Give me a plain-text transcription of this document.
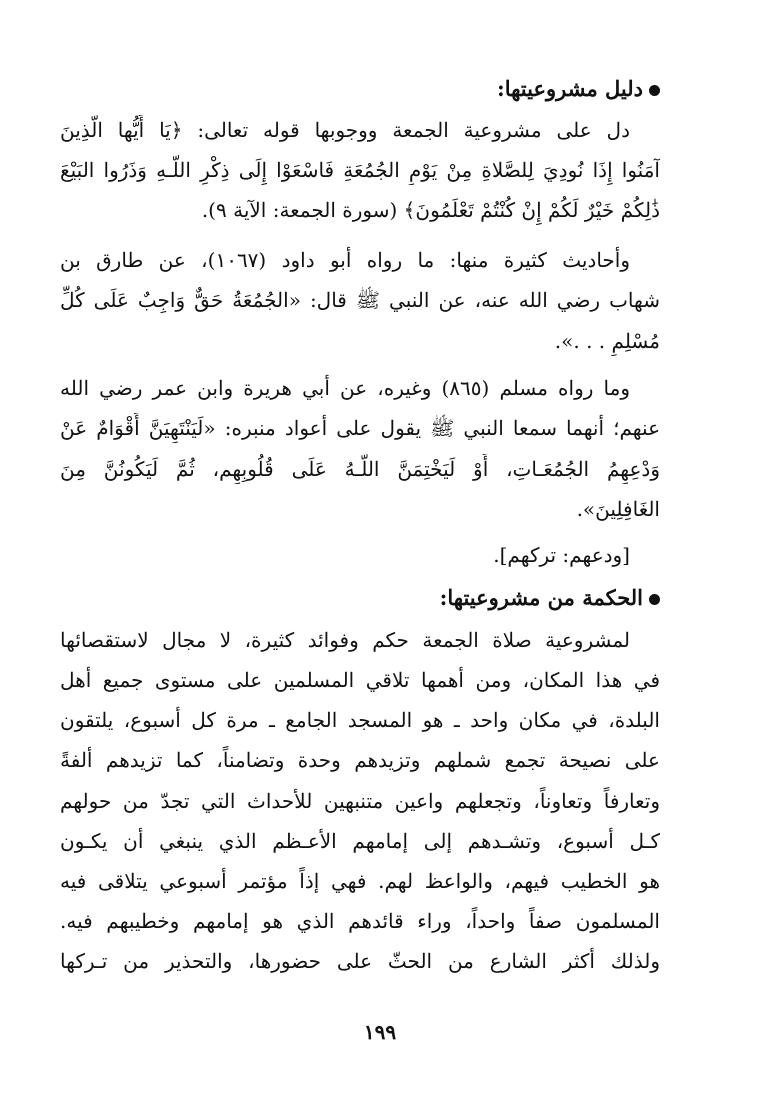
دليل مشروعيتها:
دل على مشروعية الجمعة ووجوبها قوله تعالى: ﴿يَا أَيُّها الَّذِينَ
آمَنُوا إِذَا نُودِيَ لِلصَّلاةِ مِنْ يَوْمِ الجُمُعَةِ فَاسْعَوْا إِلَى ذِكْرِ اللَّـهِ وَذَرُوا البَيْعَ
ذَٰلِكُمْ خَيْرٌ لَكُمْ إِنْ كُنْتُمْ تَعْلَمُونَ﴾ (سورة الجمعة: الآية ٩).
وأحاديث كثيرة منها: ما رواه أبو داود (١٠٦٧)، عن طارق بن
شهاب رضي الله عنه، عن النبي ﷺ قال: «الجُمُعَةُ حَقٌّ وَاجِبٌ عَلَى كُلِّ
مُسْلِمٍ . . .».
وما رواه مسلم (٨٦٥) وغيره، عن أبي هريرة وابن عمر رضي الله
عنهم؛ أنهما سمعا النبي ﷺ يقول على أعواد منبره: «لَيَنْتَهِيَنَّ أَقْوَامٌ عَنْ
وَدْعِهِمُ الجُمُعَـاتِ، أَوْ لَيَخْتِمَنَّ اللَّـهُ عَلَى قُلُوبِهِم، ثُمَّ لَيَكُونُنَّ مِنَ
الغَافِلِينَ».
[ودعهم: تركهم].
الحكمة من مشروعيتها:
لمشروعية صلاة الجمعة حكم وفوائد كثيرة، لا مجال لاستقصائها
في هذا المكان، ومن أهمها تلاقي المسلمين على مستوى جميع أهل
البلدة، في مكان واحد ـ هو المسجد الجامع ـ مرة كل أسبوع، يلتقون
على نصيحة تجمع شملهم وتزيدهم وحدة وتضامناً، كما تزيدهم ألفةً
وتعارفاً وتعاوناً، وتجعلهم واعين متنبهين للأحداث التي تجدّ من حولهم
كـل أسبوع، وتشـدهم إلى إمامهم الأعـظم الذي ينبغي أن يكـون
هو الخطيب فيهم، والواعظ لهم. فهي إذاً مؤتمر أسبوعي يتلاقى فيه
المسلمون صفاً واحداً، وراء قائدهم الذي هو إمامهم وخطيبهم فيه.
ولذلك أكثر الشارع من الحثّ على حضورها، والتحذير من تـركها
١٩٩
